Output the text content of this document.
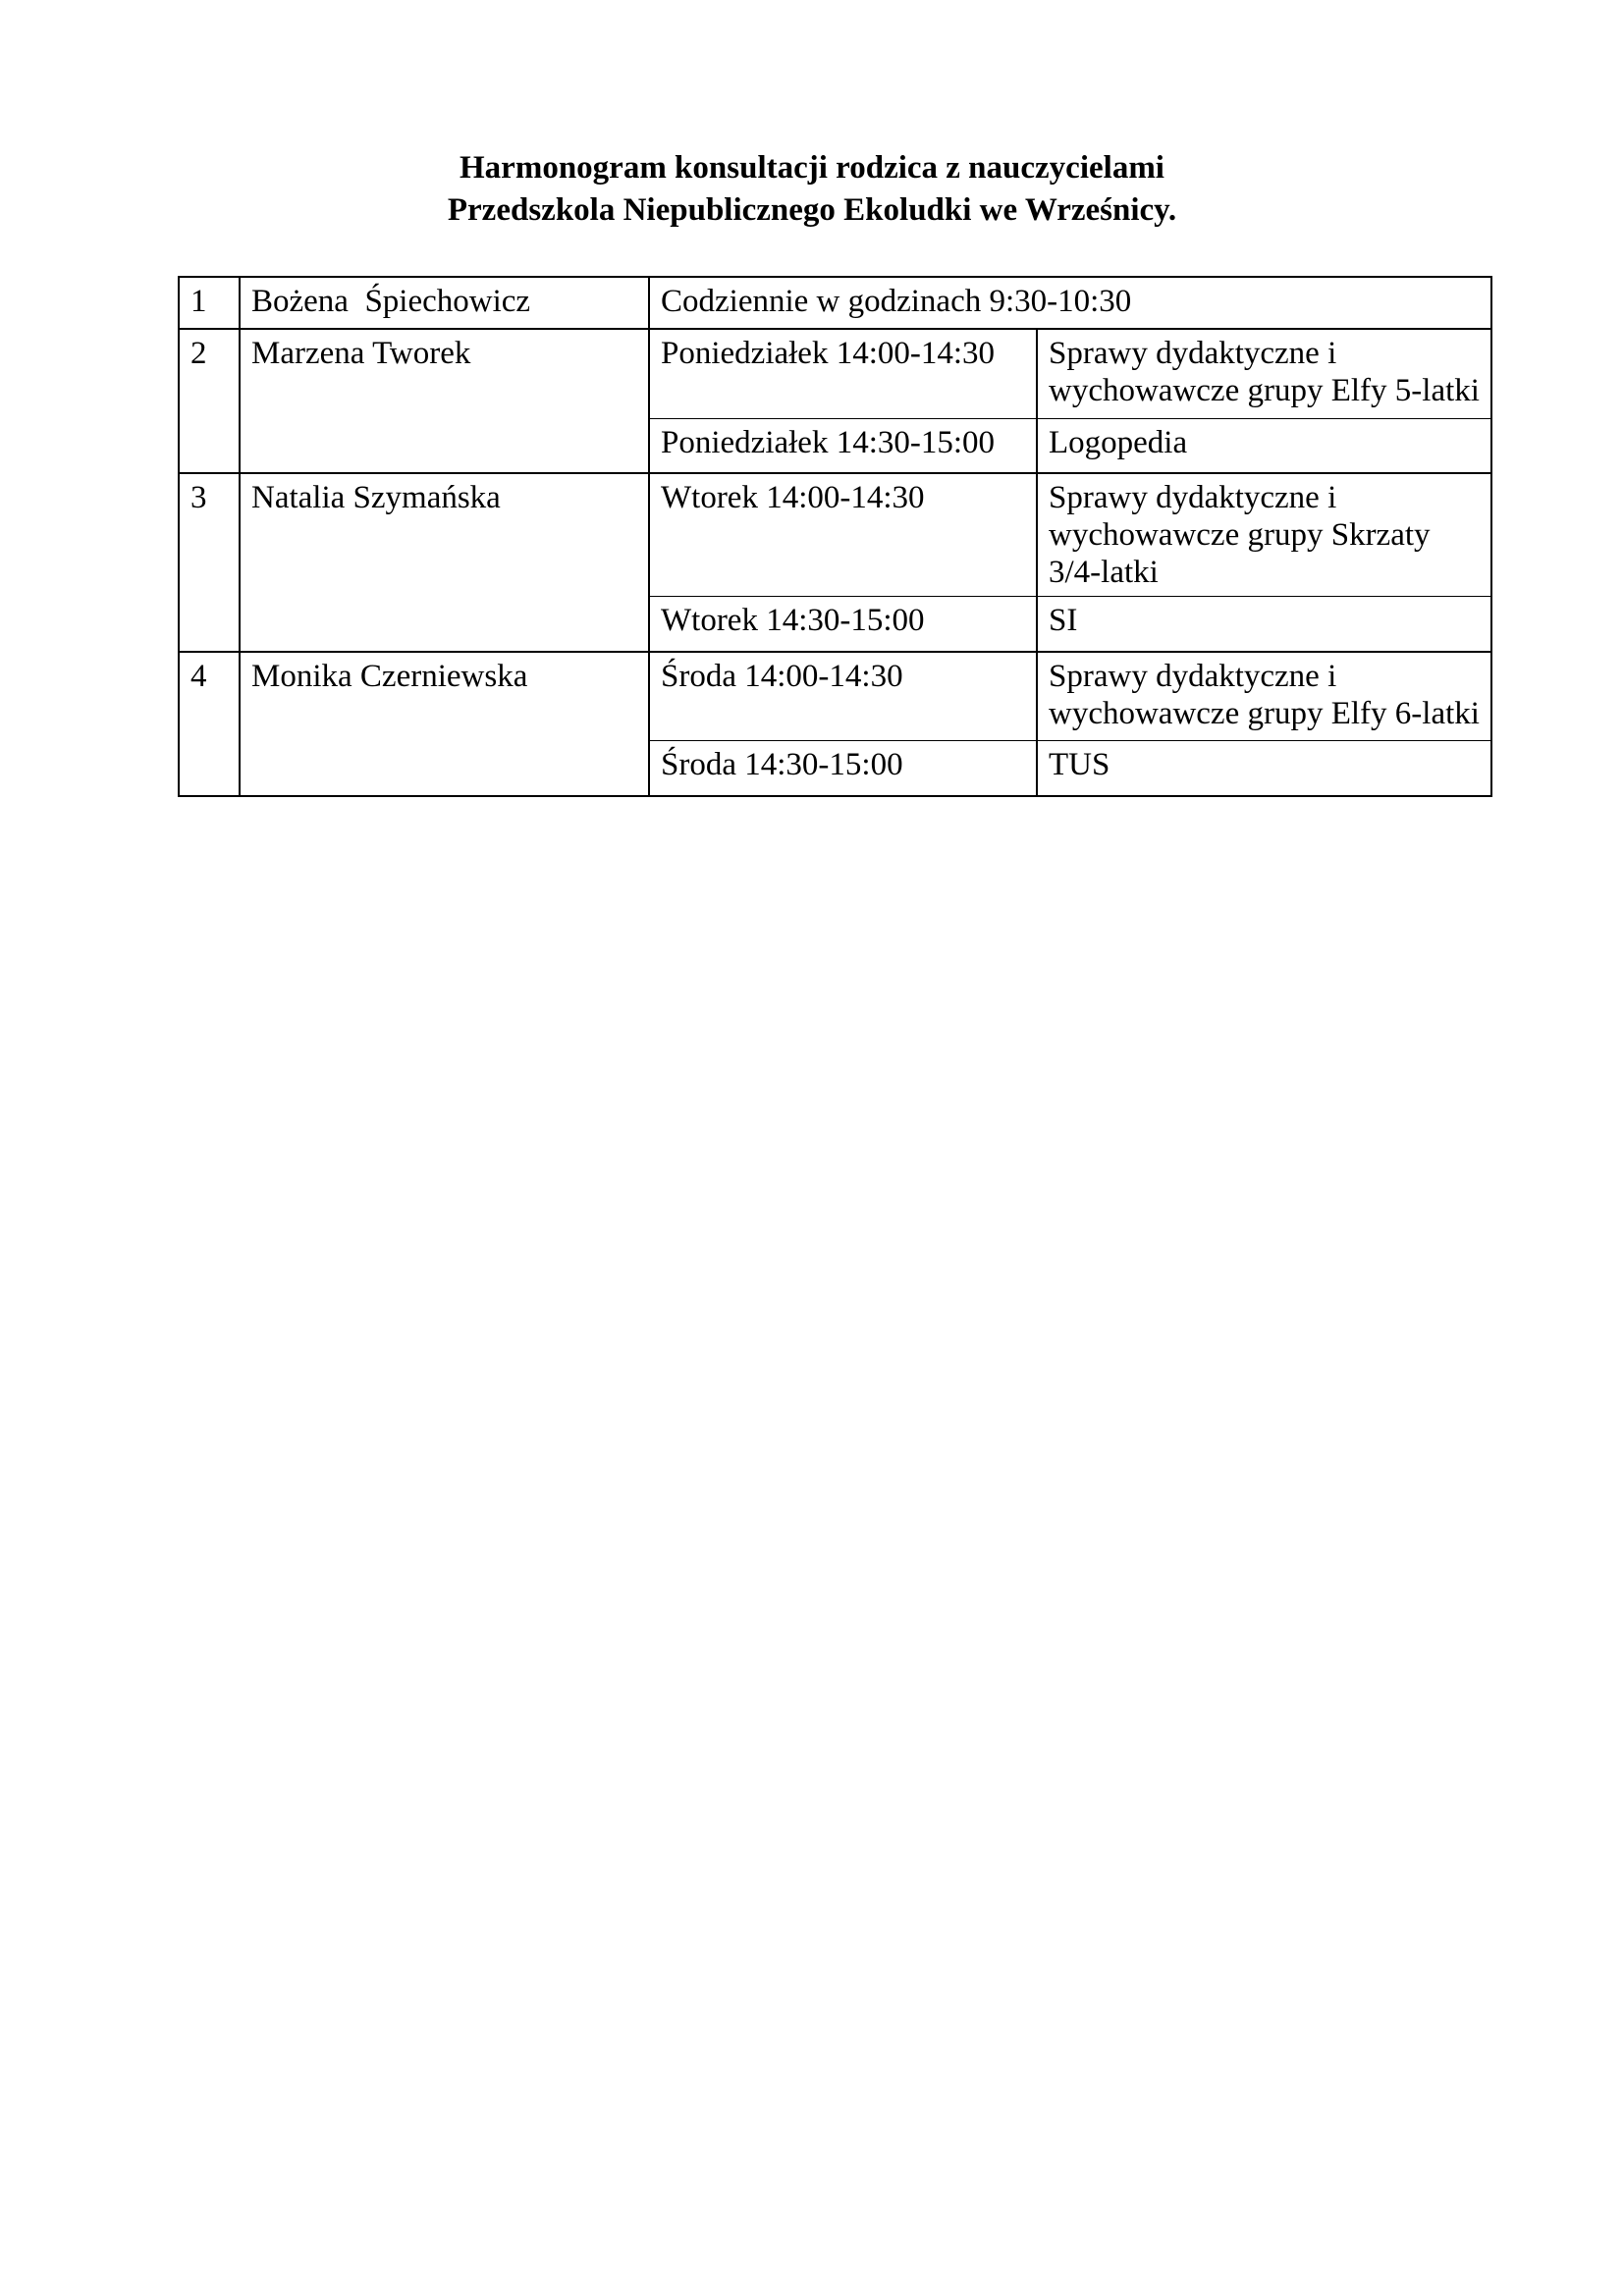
Harmonogram konsultacji rodzica z nauczycielami
Przedszkola Niepublicznego Ekoludki we Wrześnicy.
1	Bożena  Śpiechowicz	Codziennie w godzinach 9:30-10:30	
2	Marzena Tworek	Poniedziałek 14:00-14:30	Sprawy dydaktyczne i wychowawcze grupy Elfy 5-latki
		Poniedziałek 14:30-15:00	Logopedia
3	Natalia Szymańska	Wtorek 14:00-14:30	Sprawy dydaktyczne i wychowawcze grupy Skrzaty 3/4-latki
		Wtorek 14:30-15:00	SI
4	Monika Czerniewska	Środa 14:00-14:30	Sprawy dydaktyczne i wychowawcze grupy Elfy 6-latki
		Środa 14:30-15:00	TUS
